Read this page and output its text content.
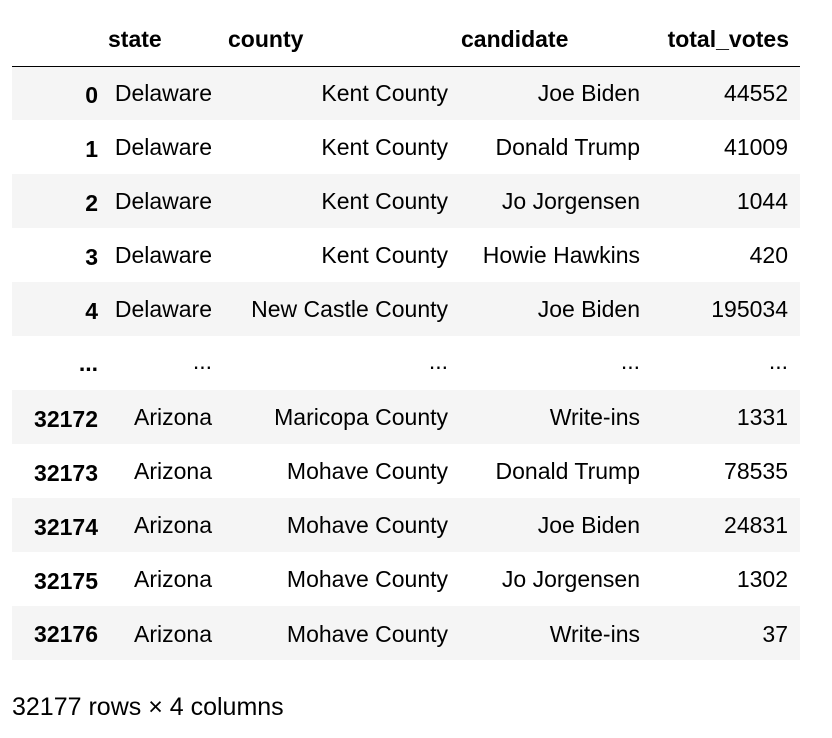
	state	county	candidate	total_votes
0	Delaware	Kent County	Joe Biden	44552
1	Delaware	Kent County	Donald Trump	41009
2	Delaware	Kent County	Jo Jorgensen	1044
3	Delaware	Kent County	Howie Hawkins	420
4	Delaware	New Castle County	Joe Biden	195034
...	...	...	...	...
32172	Arizona	Maricopa County	Write-ins	1331
32173	Arizona	Mohave County	Donald Trump	78535
32174	Arizona	Mohave County	Joe Biden	24831
32175	Arizona	Mohave County	Jo Jorgensen	1302
32176	Arizona	Mohave County	Write-ins	37
32177 rows × 4 columns
